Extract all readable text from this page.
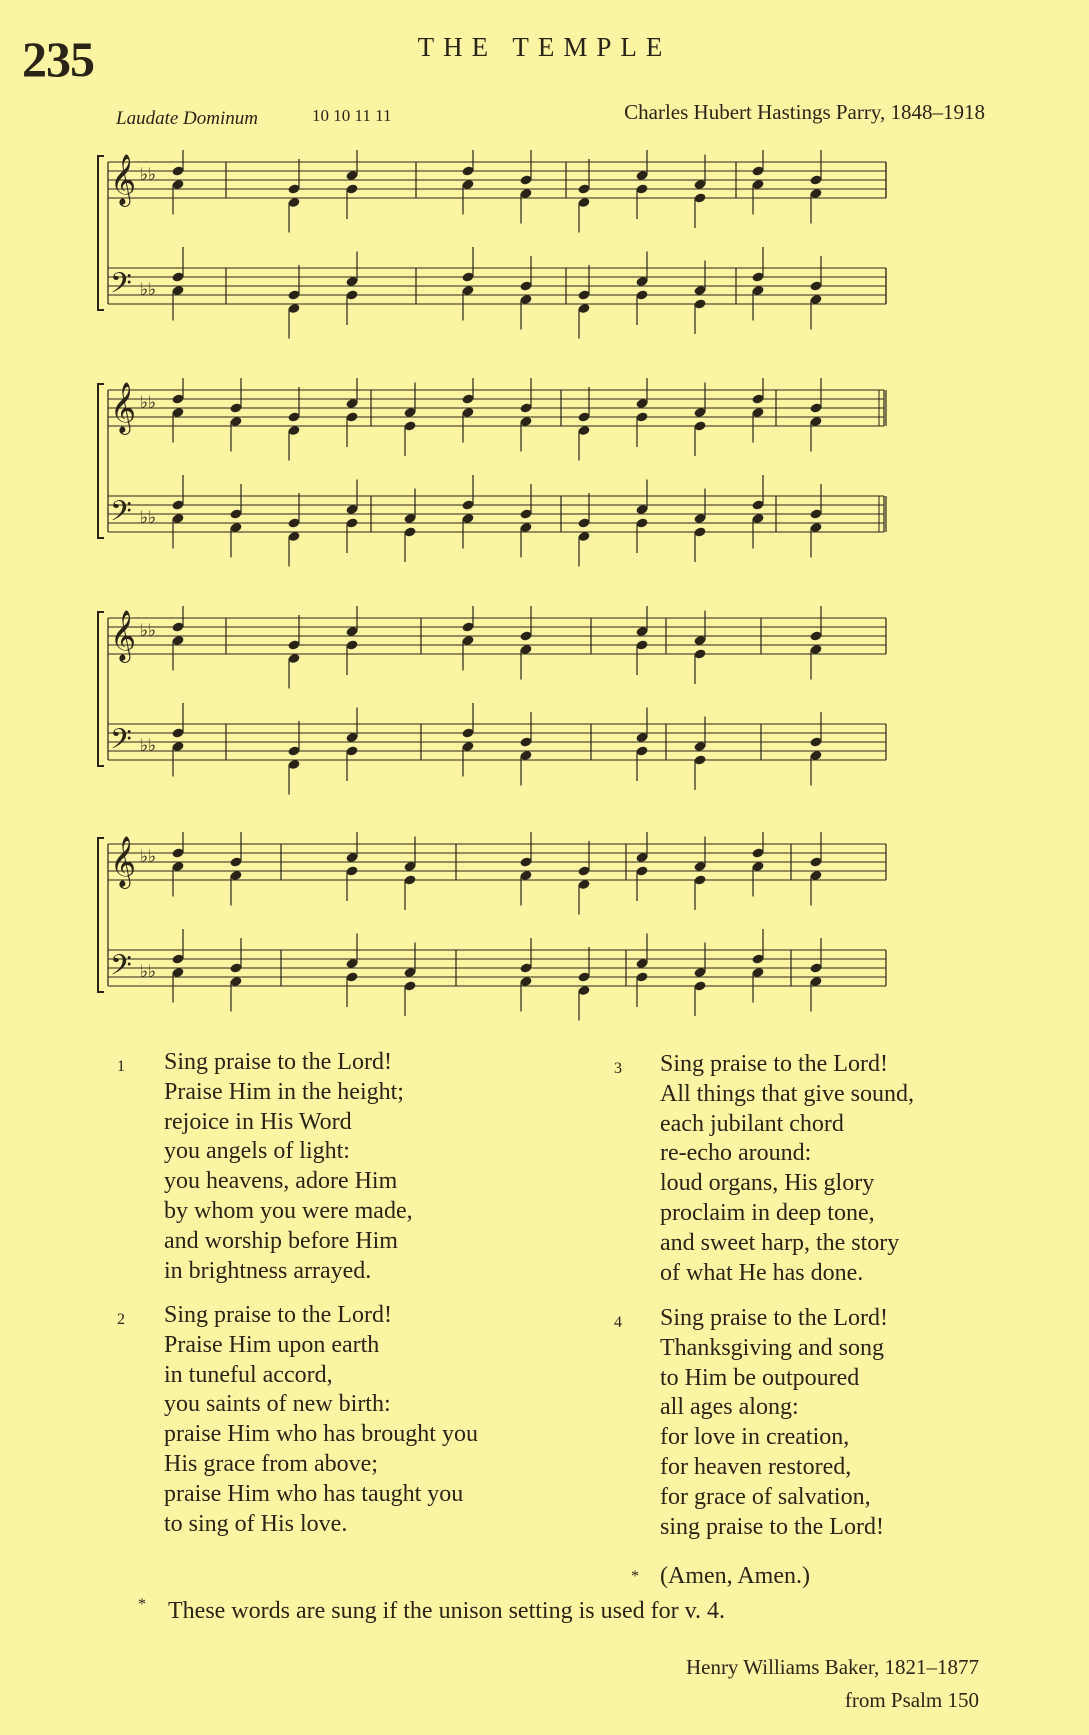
235	THE TEMPLE
Laudate Dominum	10 10 11 11	Charles Hubert Hastings Parry, 1848–1918
𝄞 ♭♭
𝄢 ♭♭
𝄞 ♭♭
𝄢 ♭♭
𝄞 ♭♭
𝄢 ♭♭
𝄞 ♭♭
𝄢 ♭♭
1 Sing praise to the Lord!
Praise Him in the height;
rejoice in His Word
you angels of light:
you heavens, adore Him
by whom you were made,
and worship before Him
in brightness arrayed.
2 Sing praise to the Lord!
Praise Him upon earth
in tuneful accord,
you saints of new birth:
praise Him who has brought you
His grace from above;
praise Him who has taught you
to sing of His love.
3 Sing praise to the Lord!
All things that give sound,
each jubilant chord
re-echo around:
loud organs, His glory
proclaim in deep tone,
and sweet harp, the story
of what He has done.
4 Sing praise to the Lord!
Thanksgiving and song
to Him be outpoured
all ages along:
for love in creation,
for heaven restored,
for grace of salvation,
sing praise to the Lord!
* (Amen, Amen.)
* These words are sung if the unison setting is used for v. 4.
Henry Williams Baker, 1821–1877
from Psalm 150
